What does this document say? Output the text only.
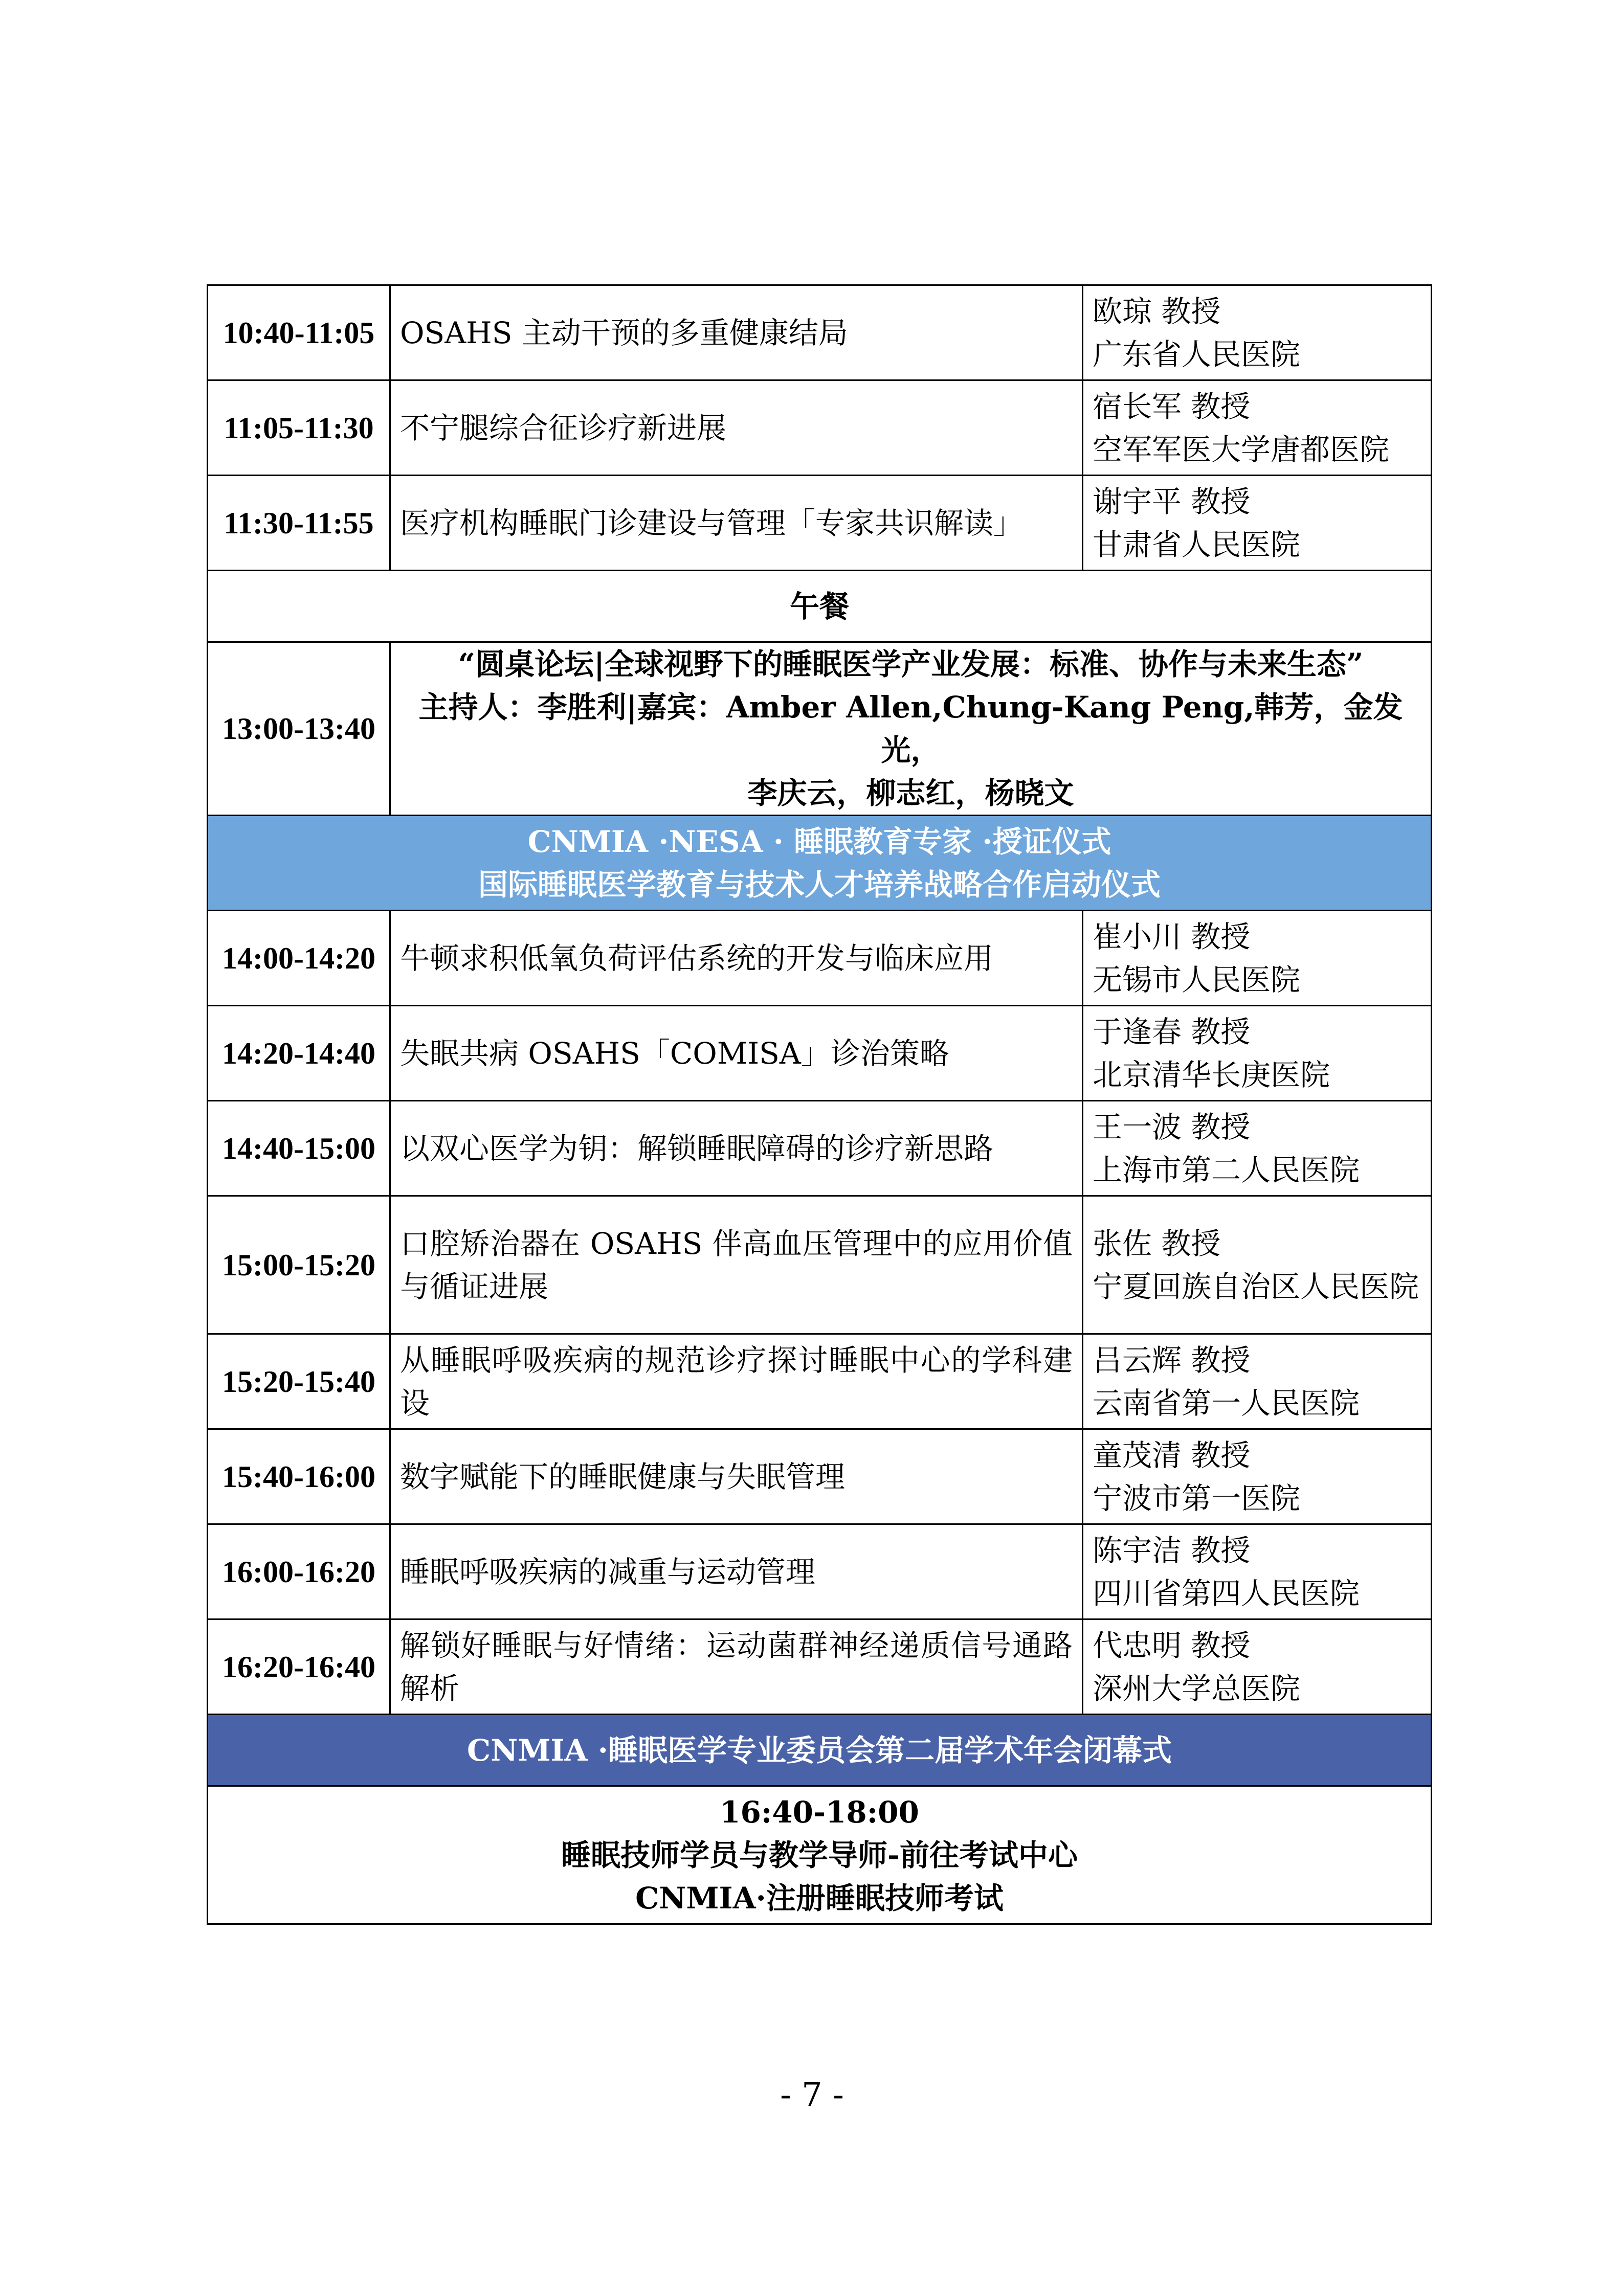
10:40-11:05	OSAHS 主动干预的多重健康结局	欧琼 教授
广东省人民医院

11:05-11:30	不宁腿综合征诊疗新进展	宿长军 教授
空军军医大学唐都医院

11:30-11:55	医疗机构睡眠门诊建设与管理「专家共识解读」	谢宇平 教授
甘肃省人民医院

午餐		
13:00-13:40	“圆桌论坛|全球视野下的睡眠医学产业发展：标准、协作与未来生态”
主持人：李胜利|嘉宾：Amber Allen,Chung-Kang Peng,韩芳，金发光，
李庆云，柳志红，杨晓文	

CNMIA ·NESA · 睡眠教育专家 ·授证仪式
国际睡眠医学教育与技术人才培养战略合作启动仪式		

14:00-14:20	牛顿求积低氧负荷评估系统的开发与临床应用	崔小川 教授
无锡市人民医院

14:20-14:40	失眠共病 OSAHS「COMISA」诊治策略	于逢春 教授
北京清华长庚医院

14:40-15:00	以双心医学为钥：解锁睡眠障碍的诊疗新思路	王一波 教授
上海市第二人民医院

15:00-15:20	口腔矫治器在 OSAHS 伴高血压管理中的应用价值与循证进展	张佐 教授
宁夏回族自治区人民医院

15:20-15:40	从睡眠呼吸疾病的规范诊疗探讨睡眠中心的学科建设	吕云辉 教授
云南省第一人民医院

15:40-16:00	数字赋能下的睡眠健康与失眠管理	童茂清 教授
宁波市第一医院

16:00-16:20	睡眠呼吸疾病的减重与运动管理	陈宇洁 教授
四川省第四人民医院

16:20-16:40	解锁好睡眠与好情绪：运动菌群神经递质信号通路解析	代忠明 教授
深州大学总医院

CNMIA ·睡眠医学专业委员会第二届学术年会闭幕式		

16:40-18:00
睡眠技师学员与教学导师-前往考试中心
CNMIA·注册睡眠技师考试		
- 7 -
